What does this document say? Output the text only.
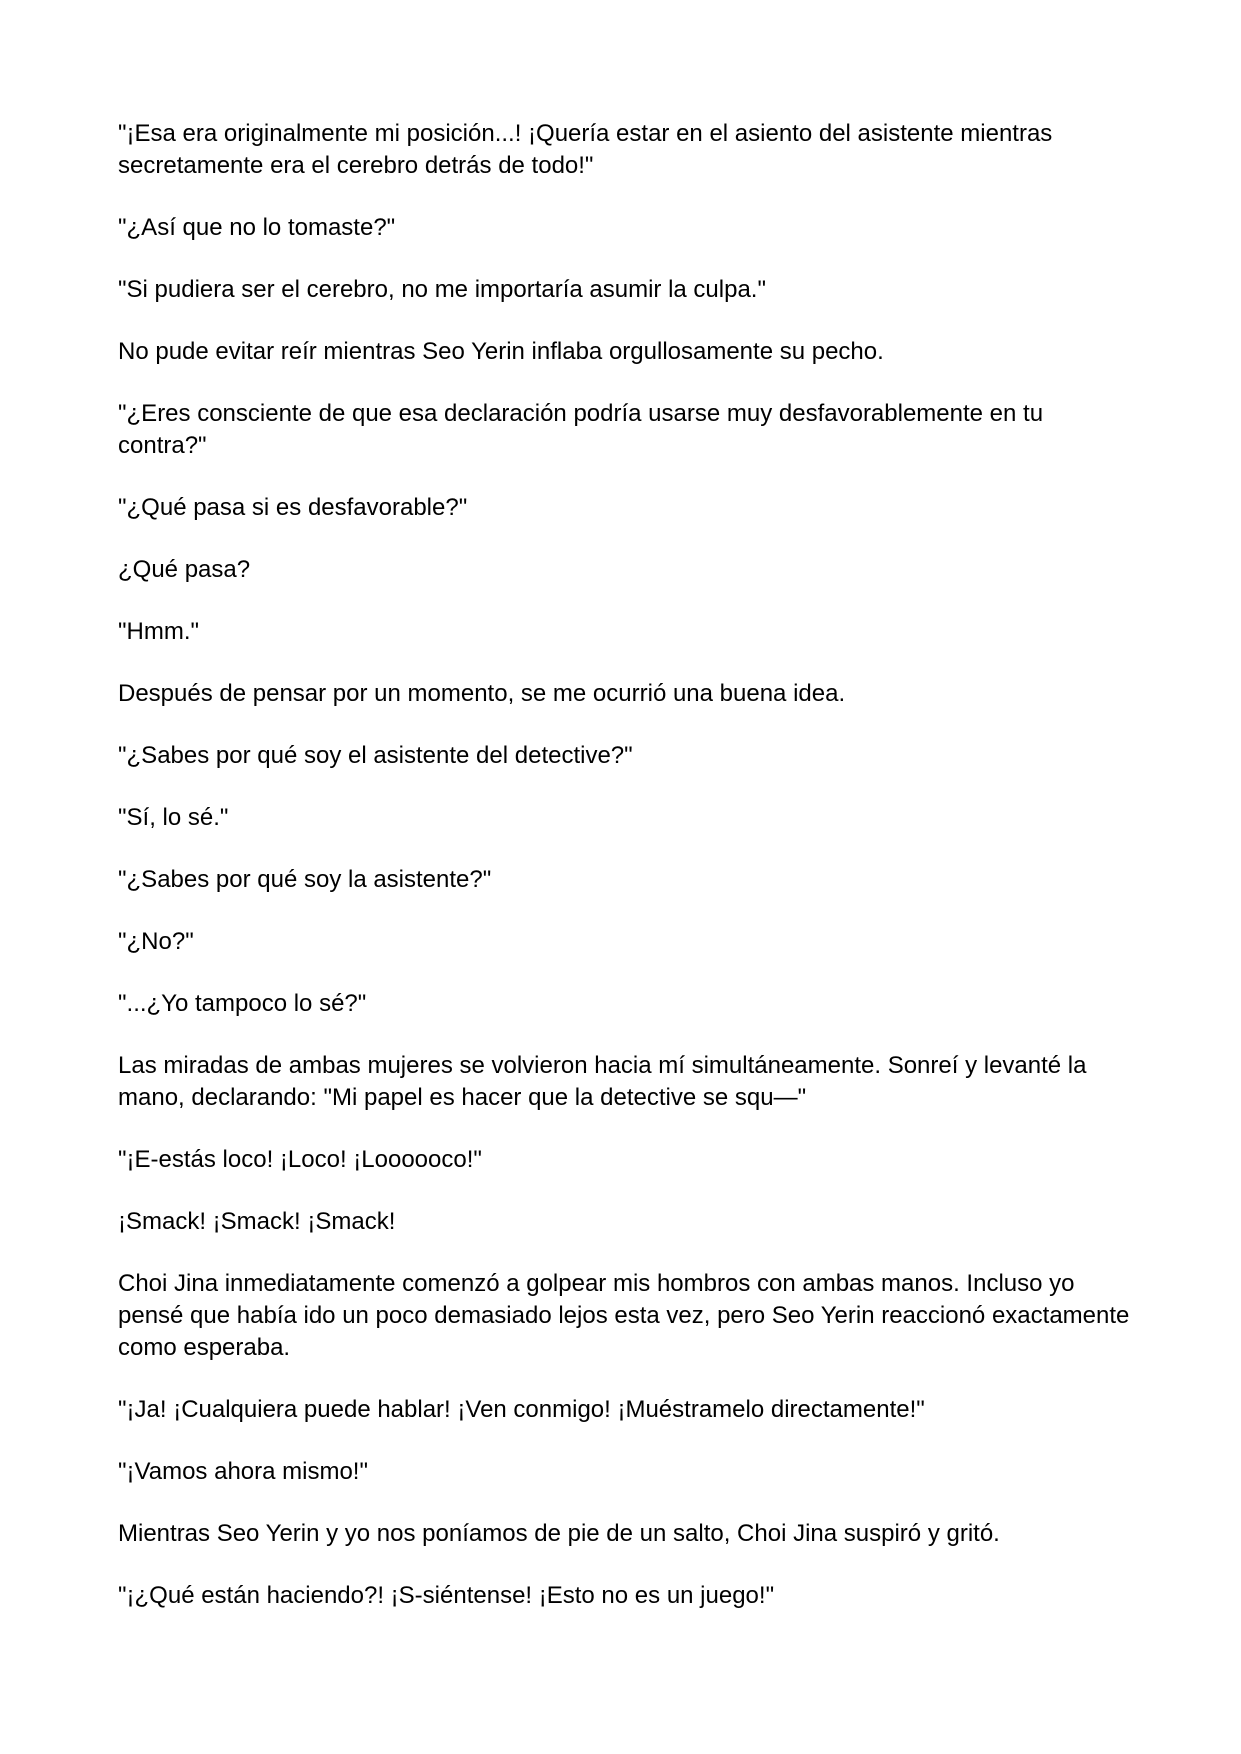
"¡Esa era originalmente mi posición...! ¡Quería estar en el asiento del asistente mientras secretamente era el cerebro detrás de todo!"

"¿Así que no lo tomaste?"

"Si pudiera ser el cerebro, no me importaría asumir la culpa."

No pude evitar reír mientras Seo Yerin inflaba orgullosamente su pecho.

"¿Eres consciente de que esa declaración podría usarse muy desfavorablemente en tu contra?"

"¿Qué pasa si es desfavorable?"

¿Qué pasa?

"Hmm."

Después de pensar por un momento, se me ocurrió una buena idea.

"¿Sabes por qué soy el asistente del detective?"

"Sí, lo sé."

"¿Sabes por qué soy la asistente?"

"¿No?"

"...¿Yo tampoco lo sé?"

Las miradas de ambas mujeres se volvieron hacia mí simultáneamente. Sonreí y levanté la mano, declarando: "Mi papel es hacer que la detective se squ—"

"¡E-estás loco! ¡Loco! ¡Loooooco!"

¡Smack! ¡Smack! ¡Smack!

Choi Jina inmediatamente comenzó a golpear mis hombros con ambas manos. Incluso yo pensé que había ido un poco demasiado lejos esta vez, pero Seo Yerin reaccionó exactamente como esperaba.

"¡Ja! ¡Cualquiera puede hablar! ¡Ven conmigo! ¡Muéstramelo directamente!"

"¡Vamos ahora mismo!"

Mientras Seo Yerin y yo nos poníamos de pie de un salto, Choi Jina suspiró y gritó.

"¡¿Qué están haciendo?! ¡S-siéntense! ¡Esto no es un juego!"
